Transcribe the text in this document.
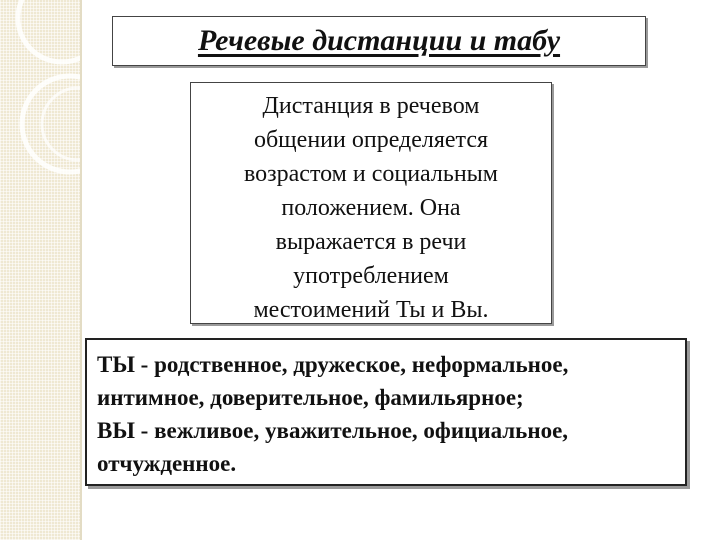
Речевые дистанции и табу
Дистанция в речевом
общении определяется
возрастом и социальным
положением. Она
выражается в речи
употреблением
местоимений Ты и Вы.

ТЫ - родственное, дружеское, неформальное,

интимное, доверительное, фамильярное;

ВЫ - вежливое, уважительное, официальное,

отчужденное.
